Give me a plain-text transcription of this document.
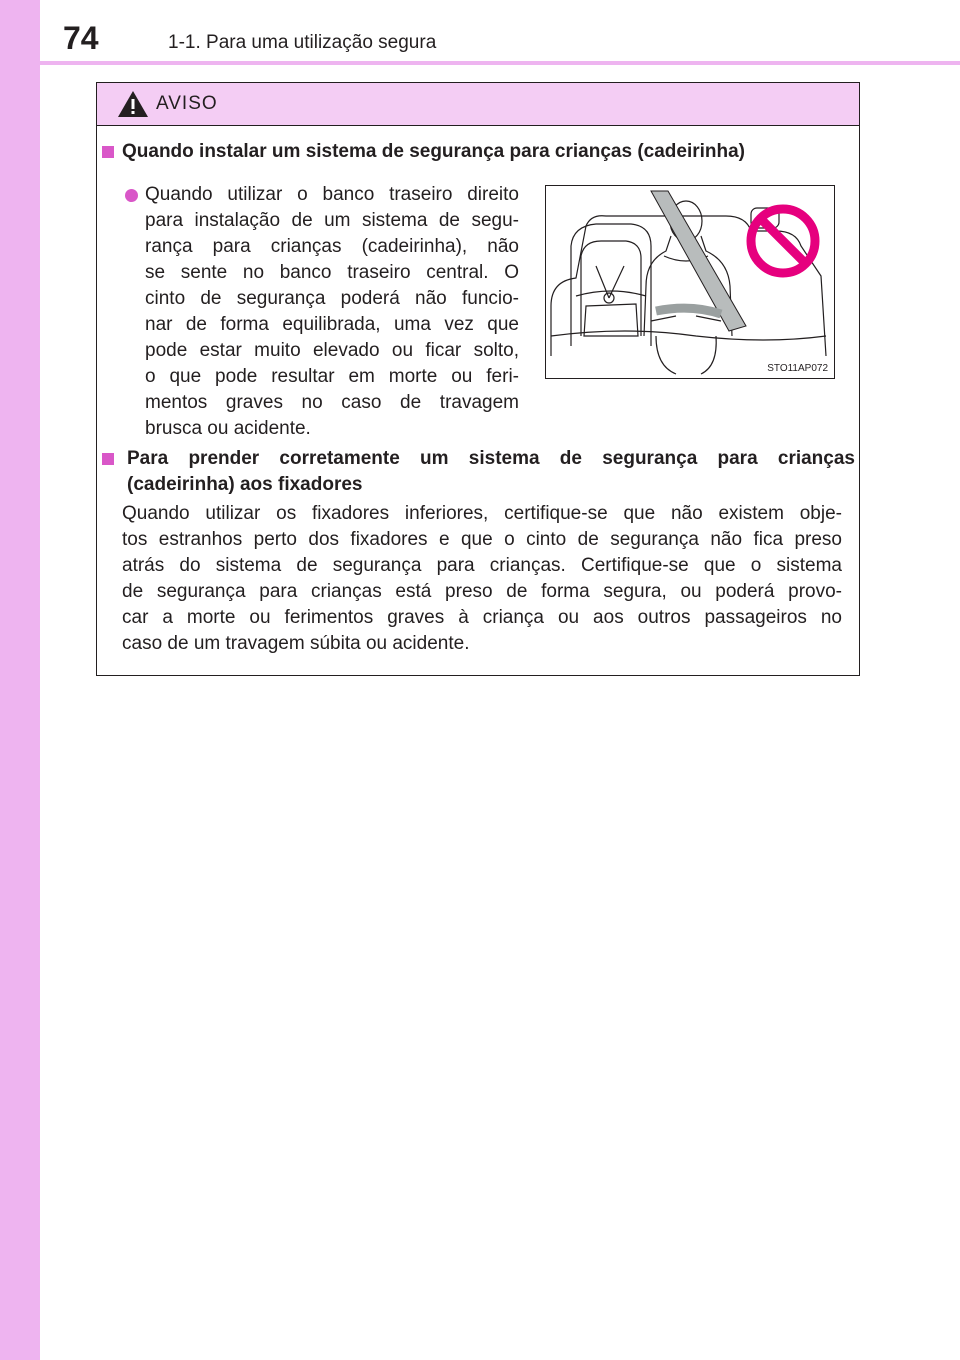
74	1-1. Para uma utilização segura
AVISO
Quando instalar um sistema de segurança para crianças (cadeirinha)
Quando utilizar o banco traseiro direito
para instalação de um sistema de segu-
rança para crianças (cadeirinha), não
se sente no banco traseiro central. O
cinto de segurança poderá não funcio-
nar de forma equilibrada, uma vez que
pode estar muito elevado ou ficar solto,
o que pode resultar em morte ou feri-
mentos graves no caso de travagem
brusca ou acidente.
STO11AP072
Para prender corretamente um sistema de segurança para crianças
(cadeirinha) aos fixadores
Quando utilizar os fixadores inferiores, certifique-se que não existem obje-
tos estranhos perto dos fixadores e que o cinto de segurança não fica preso
atrás do sistema de segurança para crianças. Certifique-se que o sistema
de segurança para crianças está preso de forma segura, ou poderá provo-
car a morte ou ferimentos graves à criança ou aos outros passageiros no
caso de um travagem súbita ou acidente.
